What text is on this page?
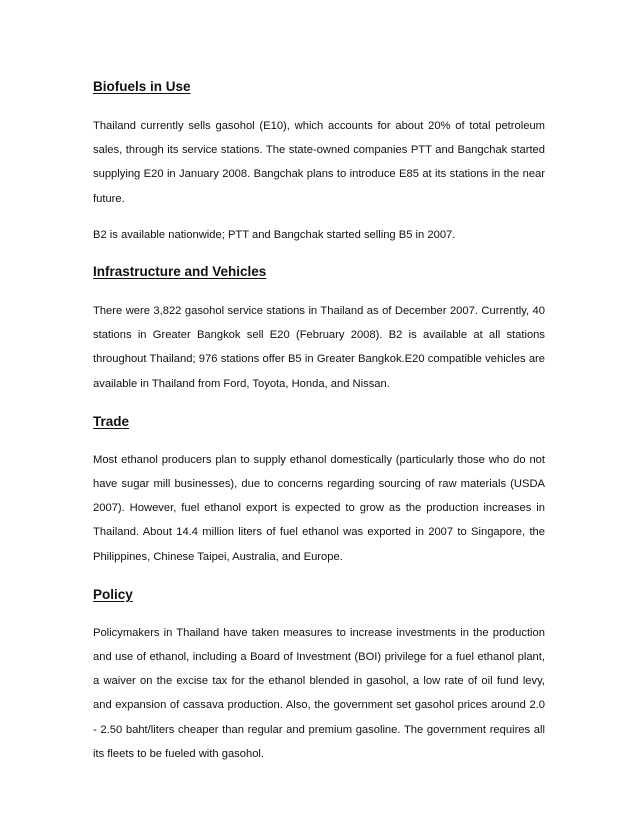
Biofuels in Use

Thailand currently sells gasohol (E10), which accounts for about 20% of total petroleum sales, through its service stations. The state-owned companies PTT and Bangchak started supplying E20 in January 2008. Bangchak plans to introduce E85 at its stations in the near future.

B2 is available nationwide; PTT and Bangchak started selling B5 in 2007.

Infrastructure and Vehicles

There were 3,822 gasohol service stations in Thailand as of December 2007. Currently, 40 stations in Greater Bangkok sell E20 (February 2008). B2 is available at all stations throughout Thailand; 976 stations offer B5 in Greater Bangkok.E20 compatible vehicles are available in Thailand from Ford, Toyota, Honda, and Nissan.

Trade

Most ethanol producers plan to supply ethanol domestically (particularly those who do not have sugar mill businesses), due to concerns regarding sourcing of raw materials (USDA 2007). However, fuel ethanol export is expected to grow as the production increases in Thailand. About 14.4 million liters of fuel ethanol was exported in 2007 to Singapore, the Philippines, Chinese Taipei, Australia, and Europe.

Policy

Policymakers in Thailand have taken measures to increase investments in the production and use of ethanol, including a Board of Investment (BOI) privilege for a fuel ethanol plant, a waiver on the excise tax for the ethanol blended in gasohol, a low rate of oil fund levy, and expansion of cassava production. Also, the government set gasohol prices around 2.0 - 2.50 baht/liters cheaper than regular and premium gasoline. The government requires all its fleets to be fueled with gasohol.
